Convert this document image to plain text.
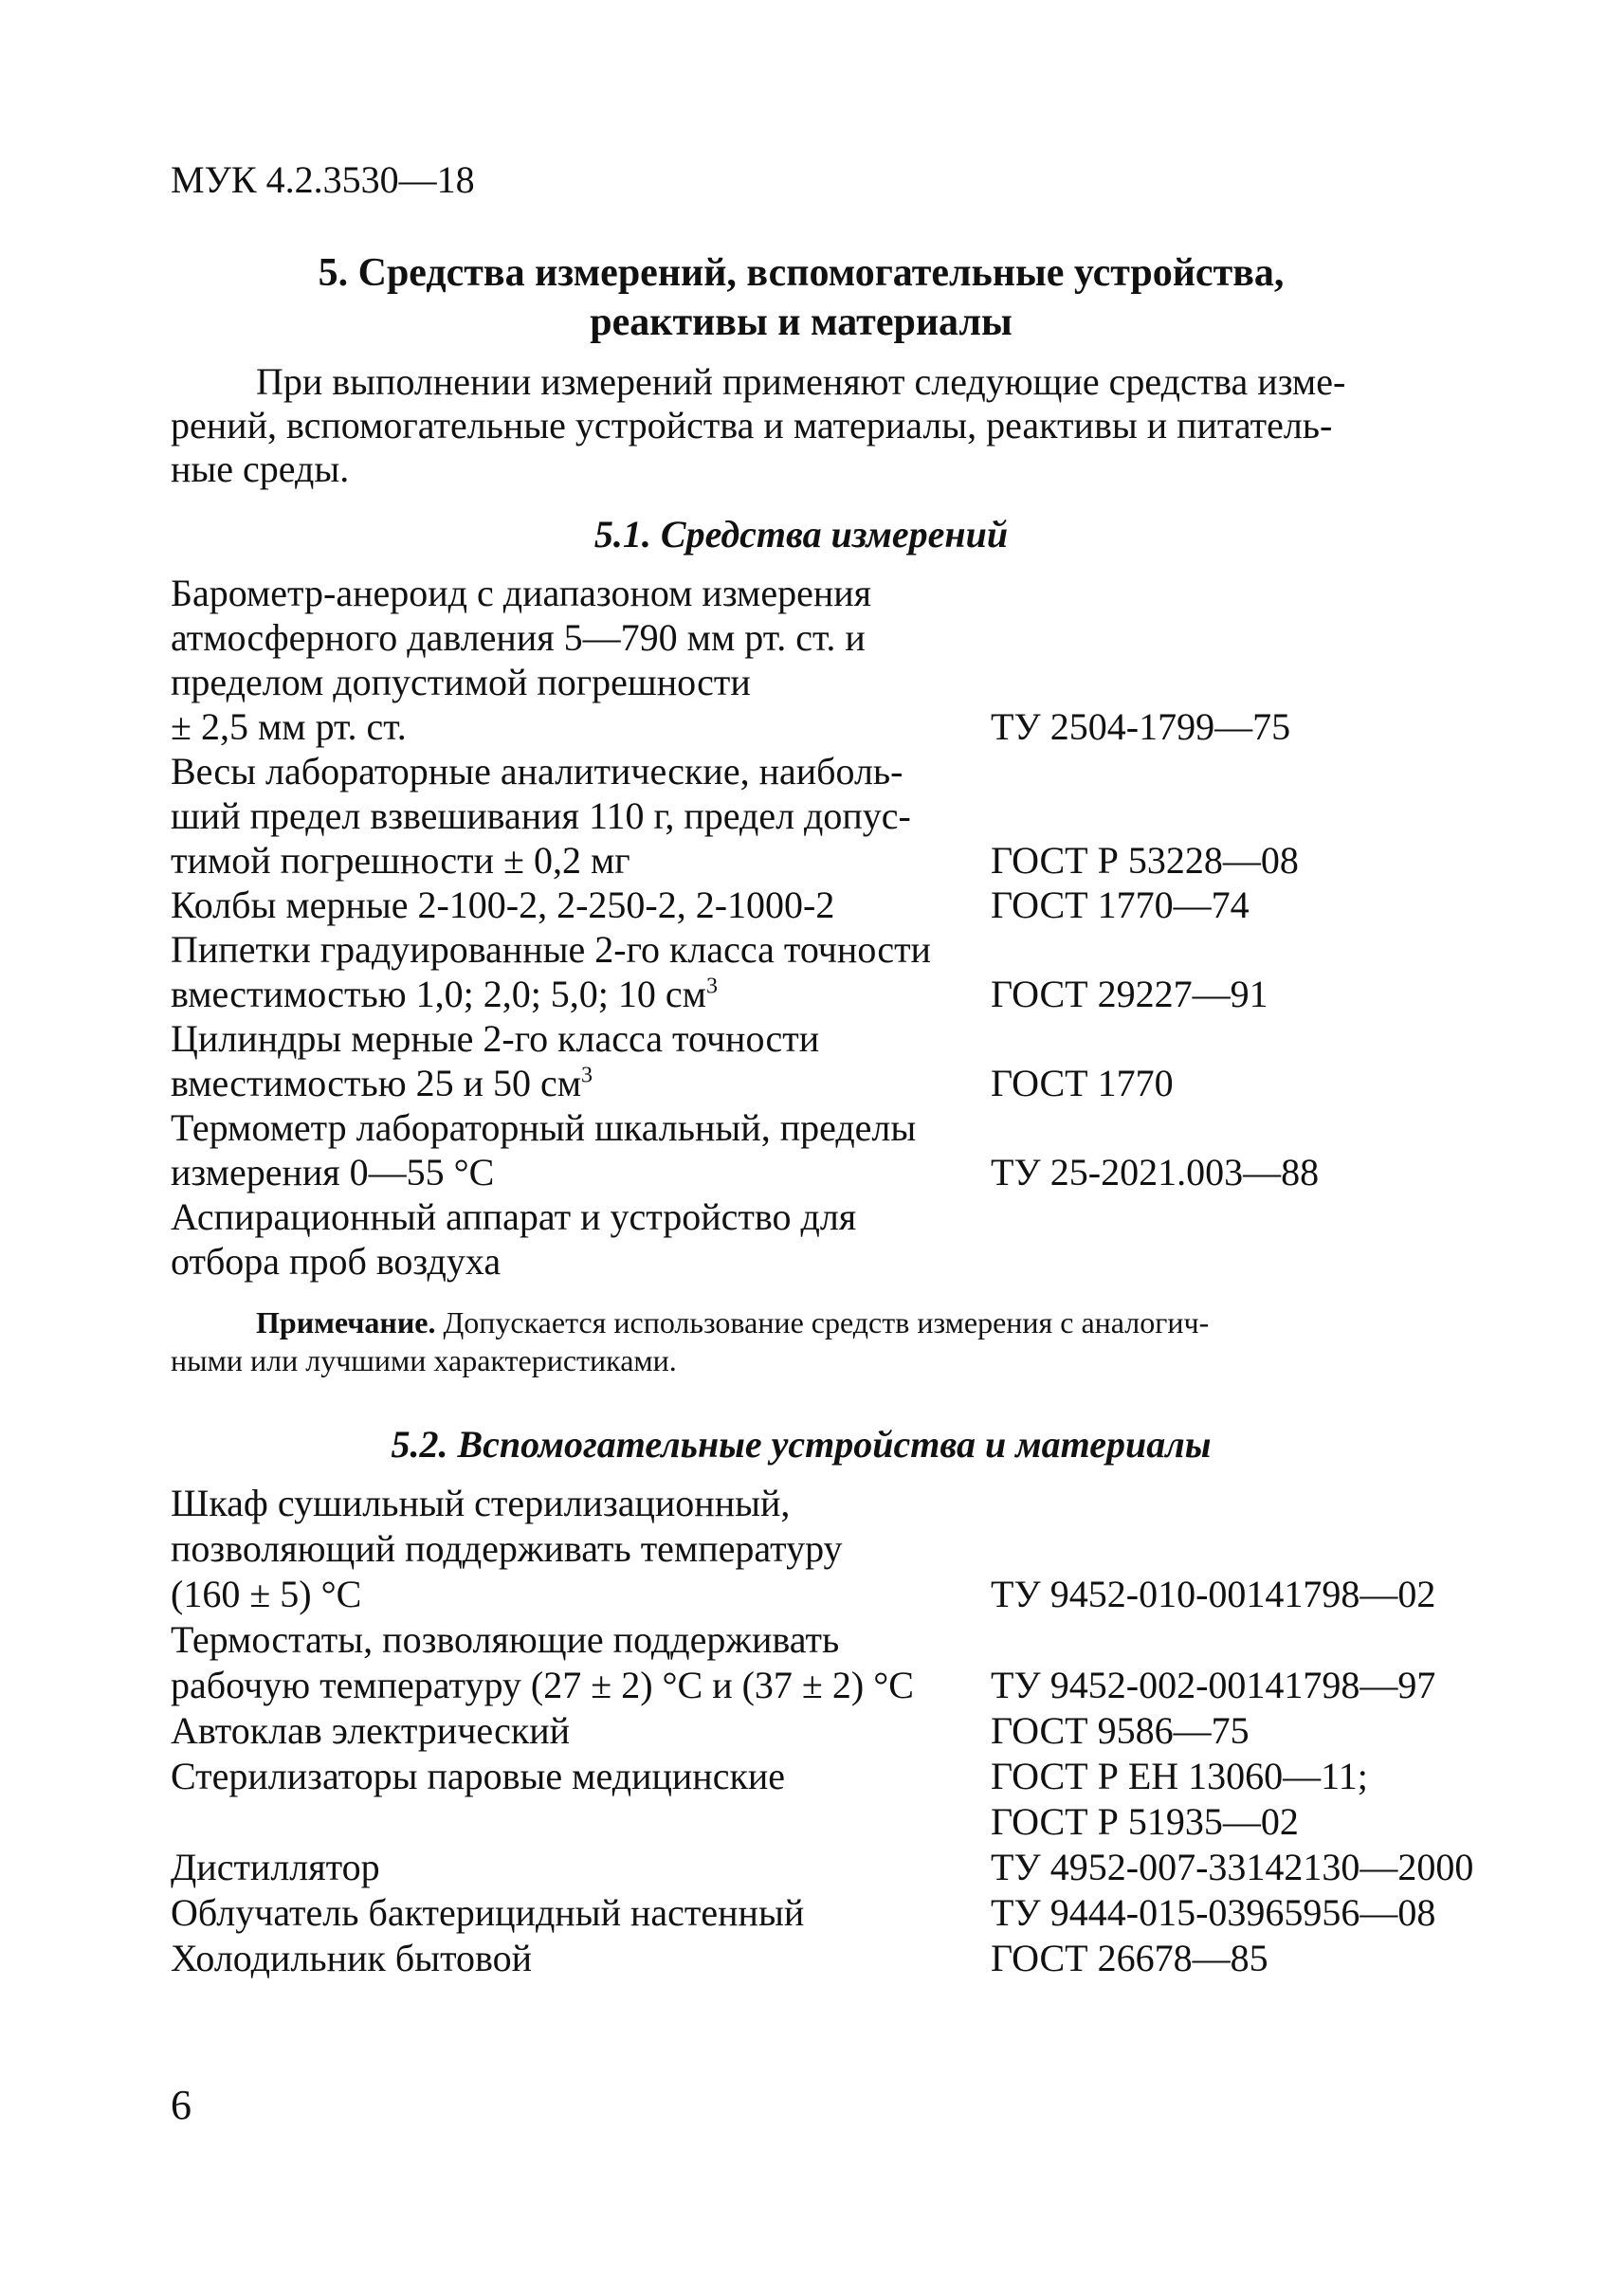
МУК 4.2.3530—18
5. Средства измерений, вспомогательные устройства,
реактивы и материалы

При выполнении измерений применяют следующие средства изме-

рений, вспомогательные устройства и материалы, реактивы и питатель-

ные среды.

5.1. Средства измерений
Барометр-анероид с диапазоном измерения
атмосферного давления 5—790 мм рт. ст. и
пределом допустимой погрешности
± 2,5 мм рт. ст.	ТУ 2504-1799—75
Весы лабораторные аналитические, наиболь-
ший предел взвешивания 110 г, предел допус-
тимой погрешности ± 0,2 мг	ГОСТ Р 53228—08
Колбы мерные 2-100-2, 2-250-2, 2-1000-2	ГОСТ 1770—74
Пипетки градуированные 2-го класса точности
вместимостью 1,0; 2,0; 5,0; 10 $см^3$	ГОСТ 29227—91
Цилиндры мерные 2-го класса точности
вместимостью 25 и 50 $см^3$	ГОСТ 1770
Термометр лабораторный шкальный, пределы
измерения 0—55 °С	ТУ 25-2021.003—88
Аспирационный аппарат и устройство для
отбора проб воздуха

Примечание. Допускается использование средств измерения с аналогич-

ными или лучшими характеристиками.

5.2. Вспомогательные устройства и материалы
Шкаф сушильный стерилизационный,
позволяющий поддерживать температуру
(160 ± 5) °С	ТУ 9452-010-00141798—02
Термостаты, позволяющие поддерживать
рабочую температуру (27 ± 2) °С и (37 ± 2) °С ТУ 9452-002-00141798—97
Автоклав электрический	ГОСТ 9586—75
Стерилизаторы паровые медицинские	ГОСТ Р ЕН 13060—11;
ГОСТ Р 51935—02
Дистиллятор	ТУ 4952-007-33142130—2000
Облучатель бактерицидный настенный	ТУ 9444-015-03965956—08
Холодильник бытовой	ГОСТ 26678—85
6
